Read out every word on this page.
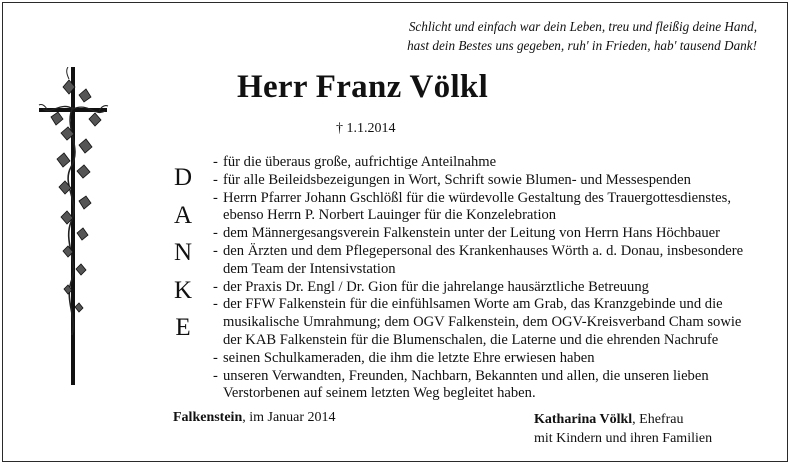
Schlicht und einfach war dein Leben, treu und fleißig deine Hand,
hast dein Bestes uns gegeben, ruh' in Frieden, hab' tausend Dank!
Herr Franz Völkl
† 1.1.2014
D
A
N
K
E
- für die überaus große, aufrichtige Anteilnahme
- für alle Beileidsbezeigungen in Wort, Schrift sowie Blumen- und Messespenden
- Herrn Pfarrer Johann Gschlößl für die würdevolle Gestaltung des Trauergottesdienstes,
ebenso Herrn P. Norbert Lauinger für die Konzelebration
- dem Männergesangsverein Falkenstein unter der Leitung von Herrn Hans Höchbauer
- den Ärzten und dem Pflegepersonal des Krankenhauses Wörth a. d. Donau, insbesondere
dem Team der Intensivstation
- der Praxis Dr. Engl / Dr. Gion für die jahrelange hausärztliche Betreuung
- der FFW Falkenstein für die einfühlsamen Worte am Grab, das Kranzgebinde und die
musikalische Umrahmung; dem OGV Falkenstein, dem OGV-Kreisverband Cham sowie
der KAB Falkenstein für die Blumenschalen, die Laterne und die ehrenden Nachrufe
- seinen Schulkameraden, die ihm die letzte Ehre erwiesen haben
- unseren Verwandten, Freunden, Nachbarn, Bekannten und allen, die unseren lieben
Verstorbenen auf seinem letzten Weg begleitet haben.
Falkenstein, im Januar 2014	Katharina Völkl, Ehefrau
mit Kindern und ihren Familien
